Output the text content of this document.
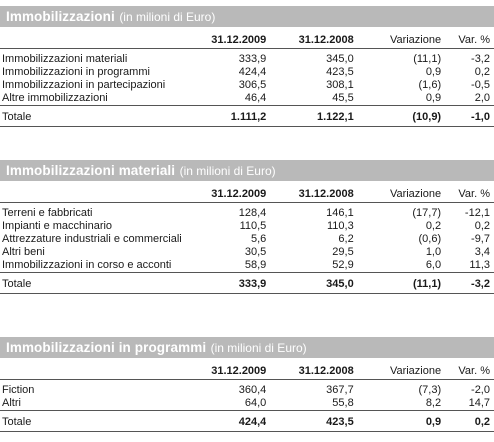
Immobilizzazioni (in milioni di Euro)
	31.12.2009	31.12.2008	Variazione	Var. %
Immobilizzazioni materiali	333,9	345,0	(11,1)	-3,2
Immobilizzazioni in programmi	424,4	423,5	0,9	0,2
Immobilizzazioni in partecipazioni	306,5	308,1	(1,6)	-0,5
Altre immobilizzazioni	46,4	45,5	0,9	2,0
Totale	1.111,2	1.122,1	(10,9)	-1,0
Immobilizzazioni materiali (in milioni di Euro)
	31.12.2009	31.12.2008	Variazione	Var. %
Terreni e fabbricati	128,4	146,1	(17,7)	-12,1
Impianti e macchinario	110,5	110,3	0,2	0,2
Attrezzature industriali e commerciali	5,6	6,2	(0,6)	-9,7
Altri beni	30,5	29,5	1,0	3,4
Immobilizzazioni in corso e acconti	58,9	52,9	6,0	11,3
Totale	333,9	345,0	(11,1)	-3,2
Immobilizzazioni in programmi (in milioni di Euro)
	31.12.2009	31.12.2008	Variazione	Var. %
Fiction	360,4	367,7	(7,3)	-2,0
Altri	64,0	55,8	8,2	14,7
Totale	424,4	423,5	0,9	0,2
